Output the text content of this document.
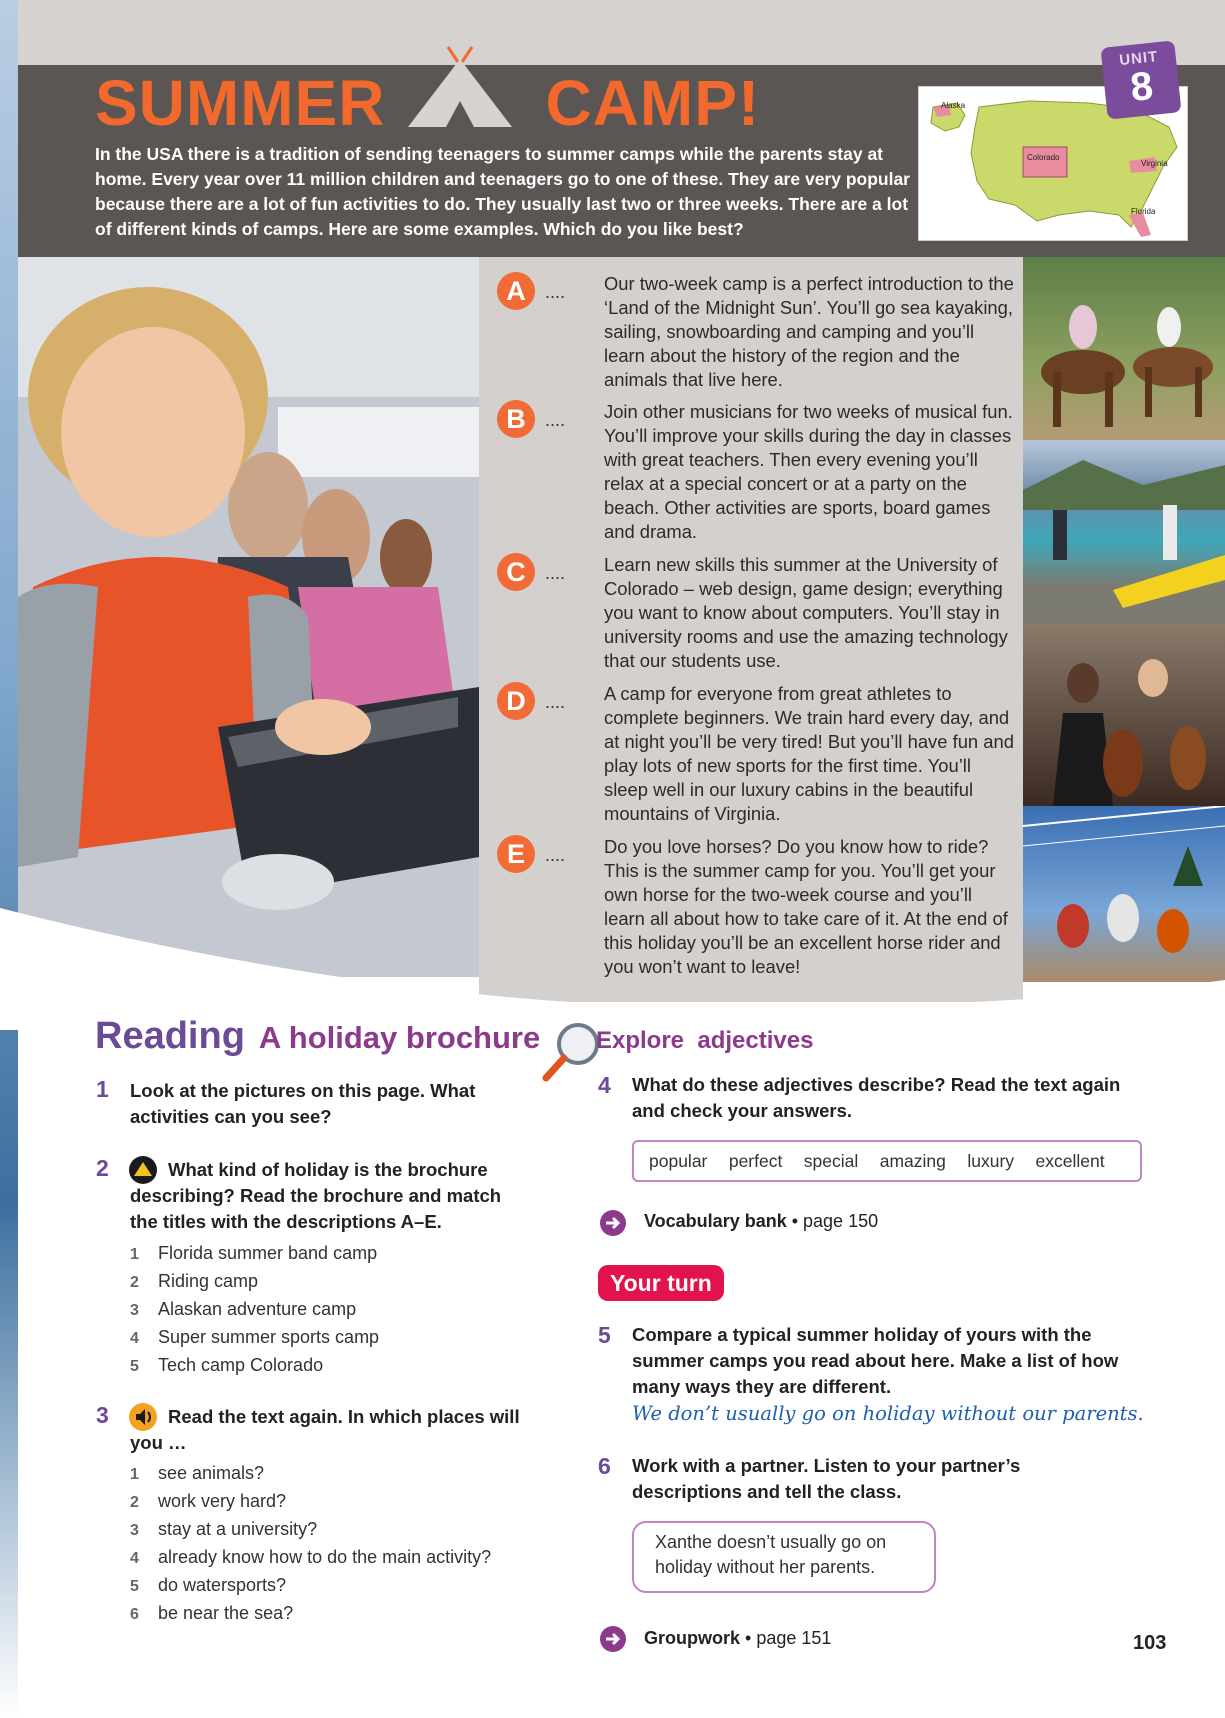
SUMMER	CAMP!
In the USA there is a tradition of sending teenagers to summer camps while the parents stay at home. Every year over 11 million children and teenagers go to one of these. They are very popular because there are a lot of fun activities to do. They usually last two or three weeks. There are a lot of different kinds of camps. Here are some examples. Which do you like best?
Alaska
Colorado
Virginia
Florida
UNIT
8
A	.... Our two-week camp is a perfect introduction to the ‘Land of the Midnight Sun’. You’ll go sea kayaking, sailing, snowboarding and camping and you’ll learn about the history of the region and the animals that live here.
B	.... Join other musicians for two weeks of musical fun. You’ll improve your skills during the day in classes with great teachers. Then every evening you’ll relax at a special concert or at a party on the beach. Other activities are sports, board games and drama.
C	.... Learn new skills this summer at the University of Colorado – web design, game design; everything you want to know about computers. You’ll stay in university rooms and use the amazing technology that our students use.
D	.... A camp for everyone from great athletes to complete beginners. We train hard every day, and at night you’ll be very tired! But you’ll have fun and play lots of new sports for the first time. You’ll sleep well in our luxury cabins in the beautiful mountains of Virginia.
E	.... Do you love horses? Do you know how to ride? This is the summer camp for you. You’ll get your own horse for the two-week course and you’ll learn all about how to take care of it. At the end of this holiday you’ll be an excellent horse rider and you won’t want to leave!
Reading A holiday brochure
1 Look at the pictures on this page. What activities can you see?
2	What kind of holiday is the brochure describing? Read the brochure and match the titles with the descriptions A–E.
1 Florida summer band camp
2 Riding camp
3 Alaskan adventure camp
4 Super summer sports camp
5 Tech camp Colorado
3	Read the text again. In which places will you …
1 see animals?
2 work very hard?
3 stay at a university?
4 already know how to do the main activity?
5 do watersports?
6 be near the sea?
Explore adjectives
4 What do these adjectives describe? Read the text again and check your answers.
popular perfect special amazing luxury excellent
Vocabulary bank • page 150
Your turn
5 Compare a typical summer holiday of yours with the summer camps you read about here. Make a list of how many ways they are different.
We don’t usually go on holiday without our parents.
6 Work with a partner. Listen to your partner’s descriptions and tell the class.
Xanthe doesn’t usually go on holiday without her parents.
Groupwork • page 151	103
